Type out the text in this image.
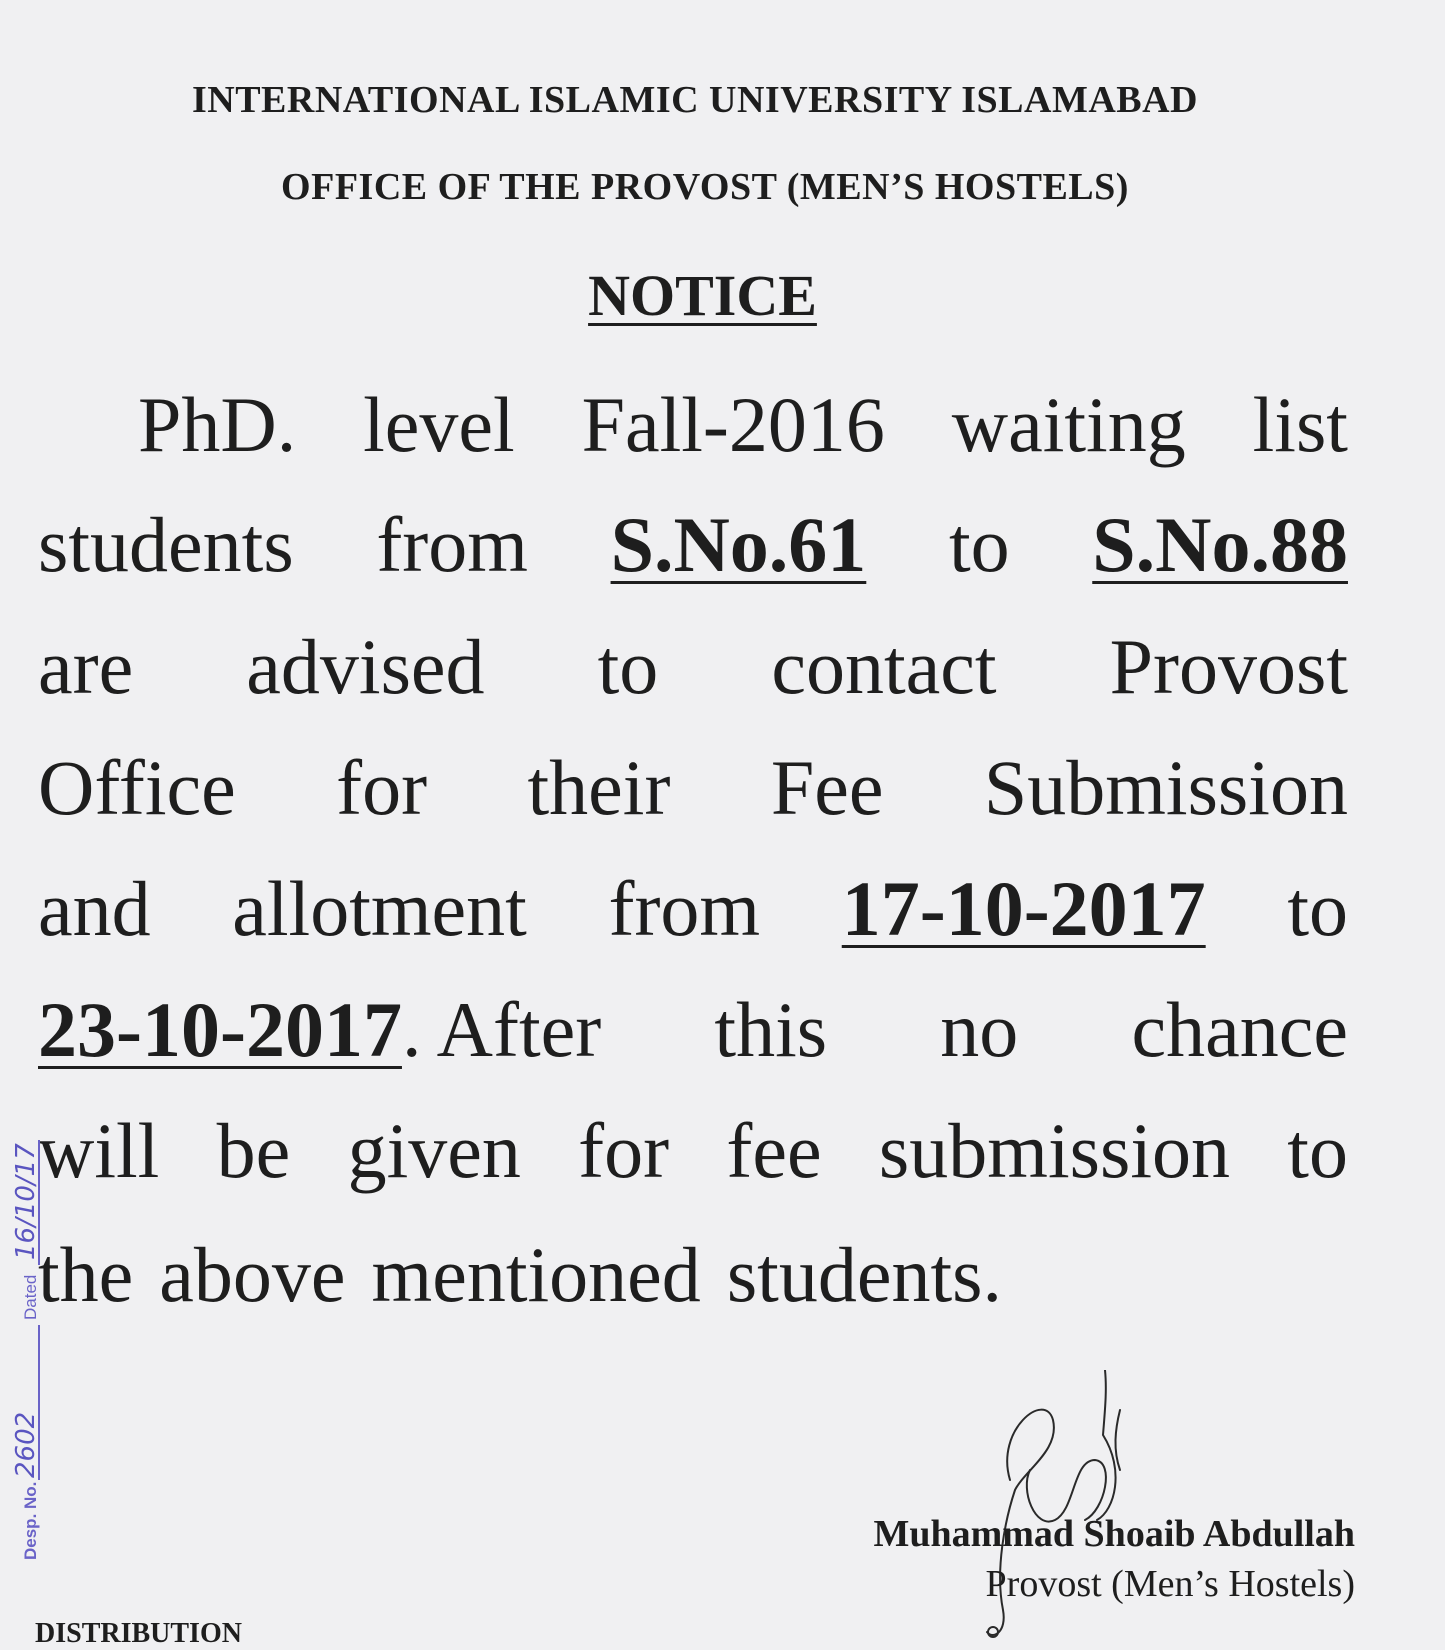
INTERNATIONAL ISLAMIC UNIVERSITY ISLAMABAD
OFFICE OF THE PROVOST (MEN’S HOSTELS)
NOTICE
PhD. level Fall-2016 waiting list
students from S.No.61 to S.No.88
are advised to contact Provost
Office for their Fee Submission
and allotment from 17-10-2017 to
23-10-2017. After this no chance
will be given for fee submission to
the above mentioned students.
Desp. No.
2602
Dated
16/10/17
Muhammad Shoaib Abdullah
Provost (Men’s Hostels)
DISTRIBUTION
